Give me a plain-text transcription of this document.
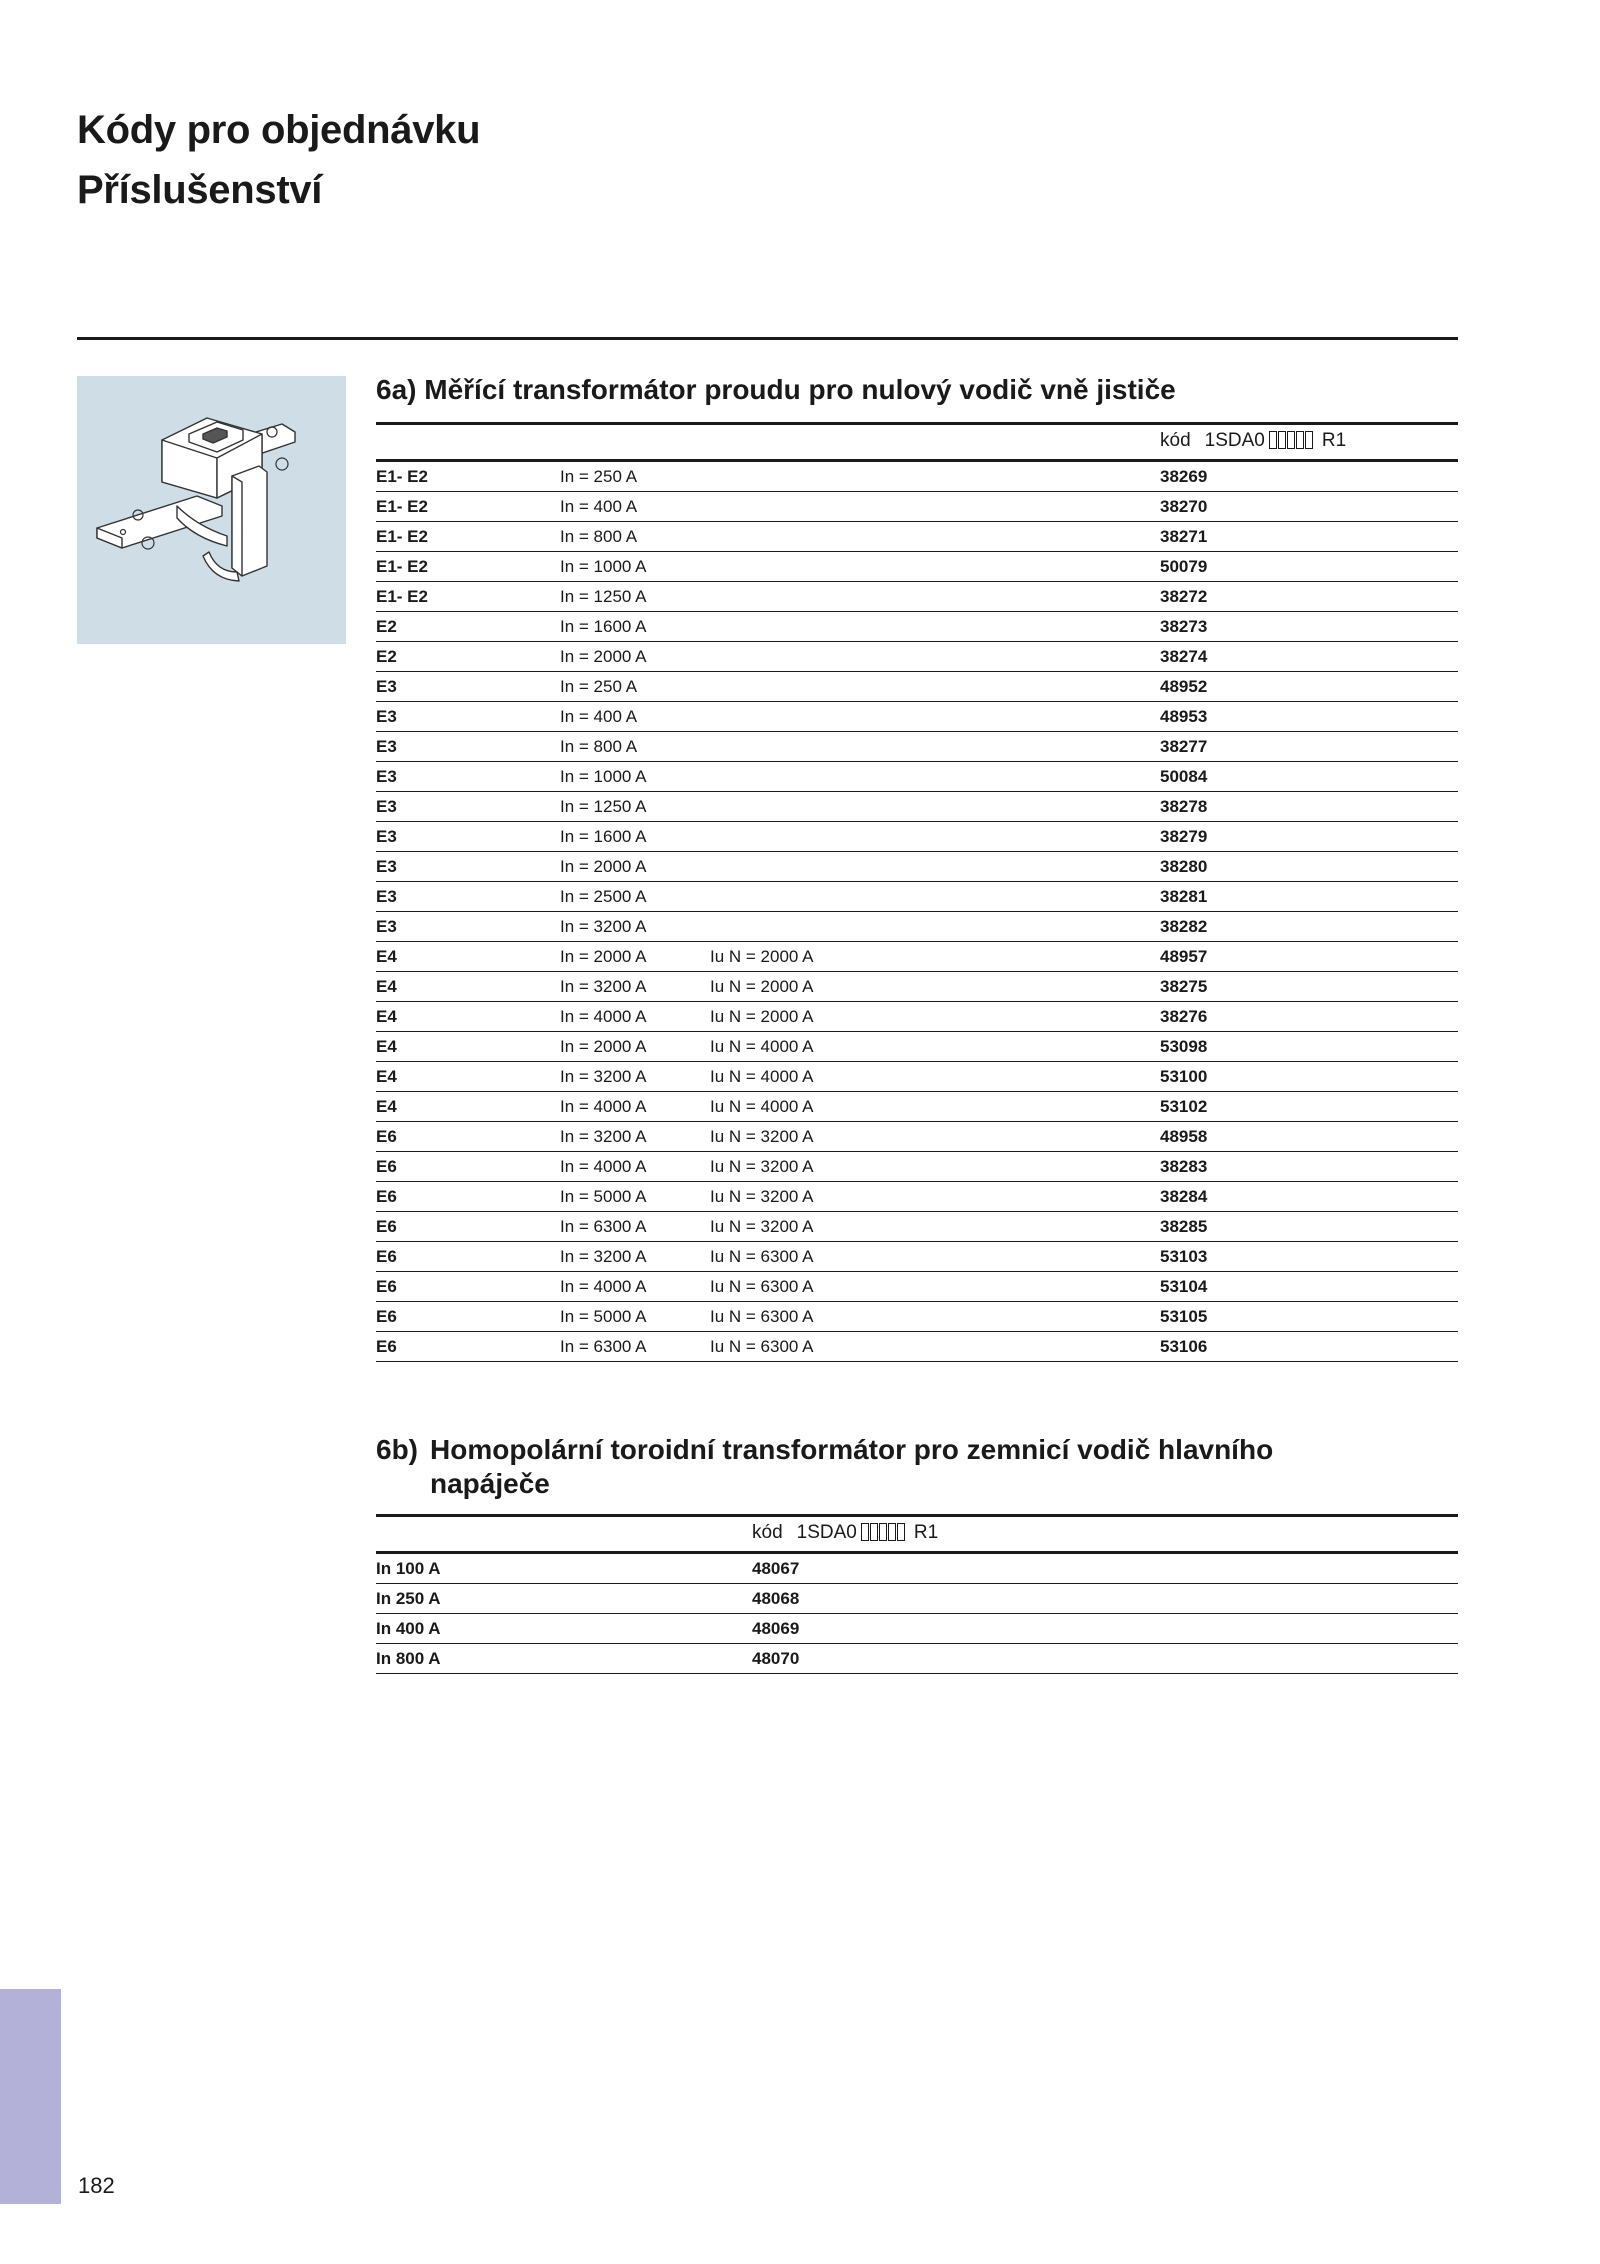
Kódy pro objednávku
Příslušenství
6a) Měřící transformátor proudu pro nulový vodič vně jističe
			kód 1SDA0 R1
E1- E2	In = 250 A		38269
E1- E2	In = 400 A		38270
E1- E2	In = 800 A		38271
E1- E2	In = 1000 A		50079
E1- E2	In = 1250 A		38272
E2	In = 1600 A		38273
E2	In = 2000 A		38274
E3	In = 250 A		48952
E3	In = 400 A		48953
E3	In = 800 A		38277
E3	In = 1000 A		50084
E3	In = 1250 A		38278
E3	In = 1600 A		38279
E3	In = 2000 A		38280
E3	In = 2500 A		38281
E3	In = 3200 A		38282
E4	In = 2000 A	Iu N = 2000 A	48957
E4	In = 3200 A	Iu N = 2000 A	38275
E4	In = 4000 A	Iu N = 2000 A	38276
E4	In = 2000 A	Iu N = 4000 A	53098
E4	In = 3200 A	Iu N = 4000 A	53100
E4	In = 4000 A	Iu N = 4000 A	53102
E6	In = 3200 A	Iu N = 3200 A	48958
E6	In = 4000 A	Iu N = 3200 A	38283
E6	In = 5000 A	Iu N = 3200 A	38284
E6	In = 6300 A	Iu N = 3200 A	38285
E6	In = 3200 A	Iu N = 6300 A	53103
E6	In = 4000 A	Iu N = 6300 A	53104
E6	In = 5000 A	Iu N = 6300 A	53105
E6	In = 6300 A	Iu N = 6300 A	53106
6b) Homopolární toroidní transformátor pro zemnicí vodič hlavního
napáječe
	kód 1SDA0 R1
In 100 A	48067
In 250 A	48068
In 400 A	48069
In 800 A	48070
182
